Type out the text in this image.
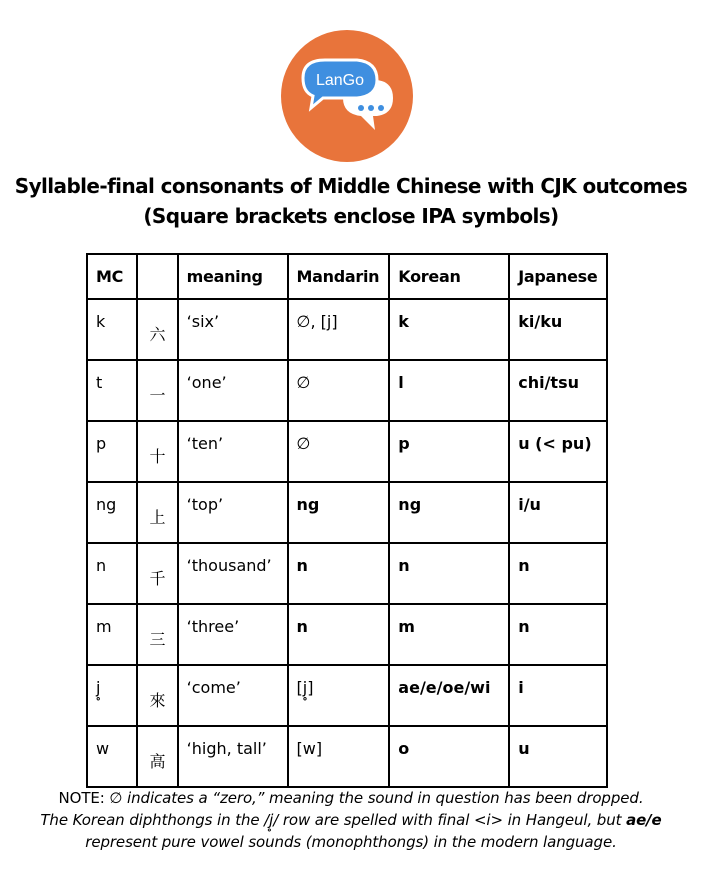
LanGo
Syllable-final consonants of Middle Chinese with CJK outcomes
(Square brackets enclose IPA symbols)
MC		meaning	Mandarin	Korean	Japanese
k	六	‘six’	∅, [j]	k	ki/ku
t	一	‘one’	∅	l	chi/tsu
p	十	‘ten’	∅	p	u (< pu)
ng	上	‘top’	ng	ng	i/u
n	千	‘thousand’	n	n	n
m	三	‘three’	n	m	n
j̥	來	‘come’	[j̥]	ae/e/oe/wi	i
w	高	‘high, tall’	[w]	o	u
NOTE: ∅ indicates a “zero,” meaning the sound in question has been dropped.
The Korean diphthongs in the /j̥/ row are spelled with final <i> in Hangeul, but ae/e
represent pure vowel sounds (monophthongs) in the modern language.
